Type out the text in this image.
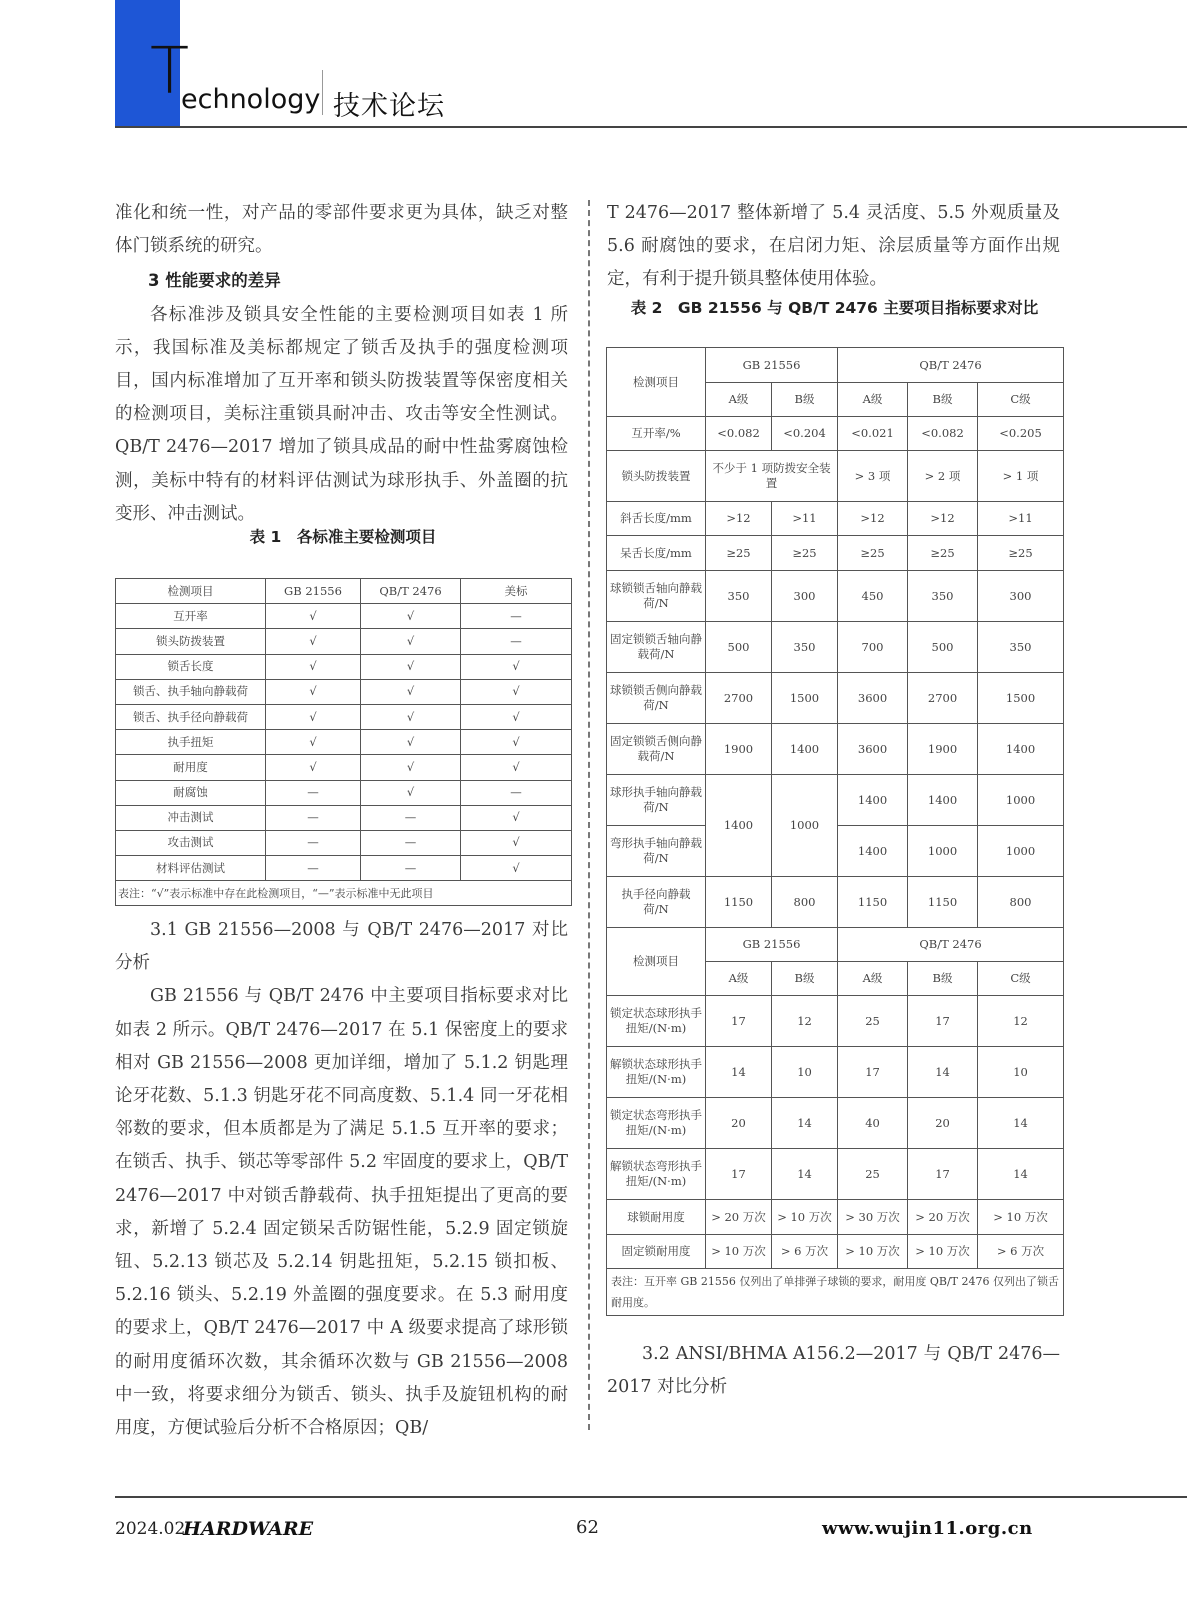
T
echnology 技术论坛

准化和统一性，对产品的零部件要求更为具体，缺乏对整体门锁系统的研究。

3 性能要求的差异

各标准涉及锁具安全性能的主要检测项目如表 1 所示，我国标准及美标都规定了锁舌及执手的强度检测项目，国内标准增加了互开率和锁头防拨装置等保密度相关的检测项目，美标注重锁具耐冲击、攻击等安全性测试。QB/T 2476—2017 增加了锁具成品的耐中性盐雾腐蚀检测，美标中特有的材料评估测试为球形执手、外盖圈的抗变形、冲击测试。

表 1　各标准主要检测项目
检测项目	GB 21556	QB/T 2476	美标
互开率	√	√	—
锁头防拨装置	√	√	—
锁舌长度	√	√	√
锁舌、执手轴向静载荷	√	√	√
锁舌、执手径向静载荷	√	√	√
执手扭矩	√	√	√
耐用度	√	√	√
耐腐蚀	—	√	—
冲击测试	—	—	√
攻击测试	—	—	√
材料评估测试	—	—	√
表注：“√”表示标准中存在此检测项目，“—”表示标准中无此项目			

3.1 GB 21556—2008 与 QB/T 2476—2017 对比分析

GB 21556 与 QB/T 2476 中主要项目指标要求对比如表 2 所示。QB/T 2476—2017 在 5.1 保密度上的要求相对 GB 21556—2008 更加详细，增加了 5.1.2 钥匙理论牙花数、5.1.3 钥匙牙花不同高度数、5.1.4 同一牙花相邻数的要求，但本质都是为了满足 5.1.5 互开率的要求；在锁舌、执手、锁芯等零部件 5.2 牢固度的要求上，QB/T 2476—2017 中对锁舌静载荷、执手扭矩提出了更高的要求，新增了 5.2.4 固定锁呆舌防锯性能，5.2.9 固定锁旋钮、5.2.13 锁芯及 5.2.14 钥匙扭矩，5.2.15 锁扣板、5.2.16 锁头、5.2.19 外盖圈的强度要求。在 5.3 耐用度的要求上，QB/T 2476—2017 中 A 级要求提高了球形锁的耐用度循环次数，其余循环次数与 GB 21556—2008 中一致，将要求细分为锁舌、锁头、执手及旋钮机构的耐用度，方便试验后分析不合格原因；QB/

T 2476—2017 整体新增了 5.4 灵活度、5.5 外观质量及 5.6 耐腐蚀的要求，在启闭力矩、涂层质量等方面作出规定，有利于提升锁具整体使用体验。

表 2　GB 21556 与 QB/T 2476 主要项目指标要求对比
检测项目	GB 21556		QB/T 2476		
	A级	B级	A级	B级	C级
互开率/%	<0.082	<0.204	<0.021	<0.082	<0.205
锁头防拨装置	不少于 1 项防拨安全装置		> 3 项	> 2 项	> 1 项
斜舌长度/mm	>12	>11	>12	>12	>11
呆舌长度/mm	≥25	≥25	≥25	≥25	≥25
球锁锁舌轴向静载荷/N	350	300	450	350	300
固定锁锁舌轴向静载荷/N	500	350	700	500	350
球锁锁舌侧向静载荷/N	2700	1500	3600	2700	1500
固定锁锁舌侧向静载荷/N	1900	1400	3600	1900	1400
球形执手轴向静载荷/N	1400	1000	1400	1400	1000
弯形执手轴向静载荷/N			1400	1000	1000
执手径向静载荷/N	1150	800	1150	1150	800
检测项目	GB 21556		QB/T 2476		
	A级	B级	A级	B级	C级
锁定状态球形执手扭矩/(N·m)	17	12	25	17	12
解锁状态球形执手扭矩/(N·m)	14	10	17	14	10
锁定状态弯形执手扭矩/(N·m)	20	14	40	20	14
解锁状态弯形执手扭矩/(N·m)	17	14	25	17	14
球锁耐用度	> 20 万次	> 10 万次	> 30 万次	> 20 万次	> 10 万次
固定锁耐用度	> 10 万次	> 6 万次	> 10 万次	> 10 万次	> 6 万次
表注：互开率 GB 21556 仅列出了单排弹子球锁的要求，耐用度 QB/T 2476 仅列出了锁舌耐用度。					

3.2 ANSI/BHMA A156.2—2017 与 QB/T 2476—2017 对比分析

2024.02
HARDWARE	62	www.wujin11.org.cn
